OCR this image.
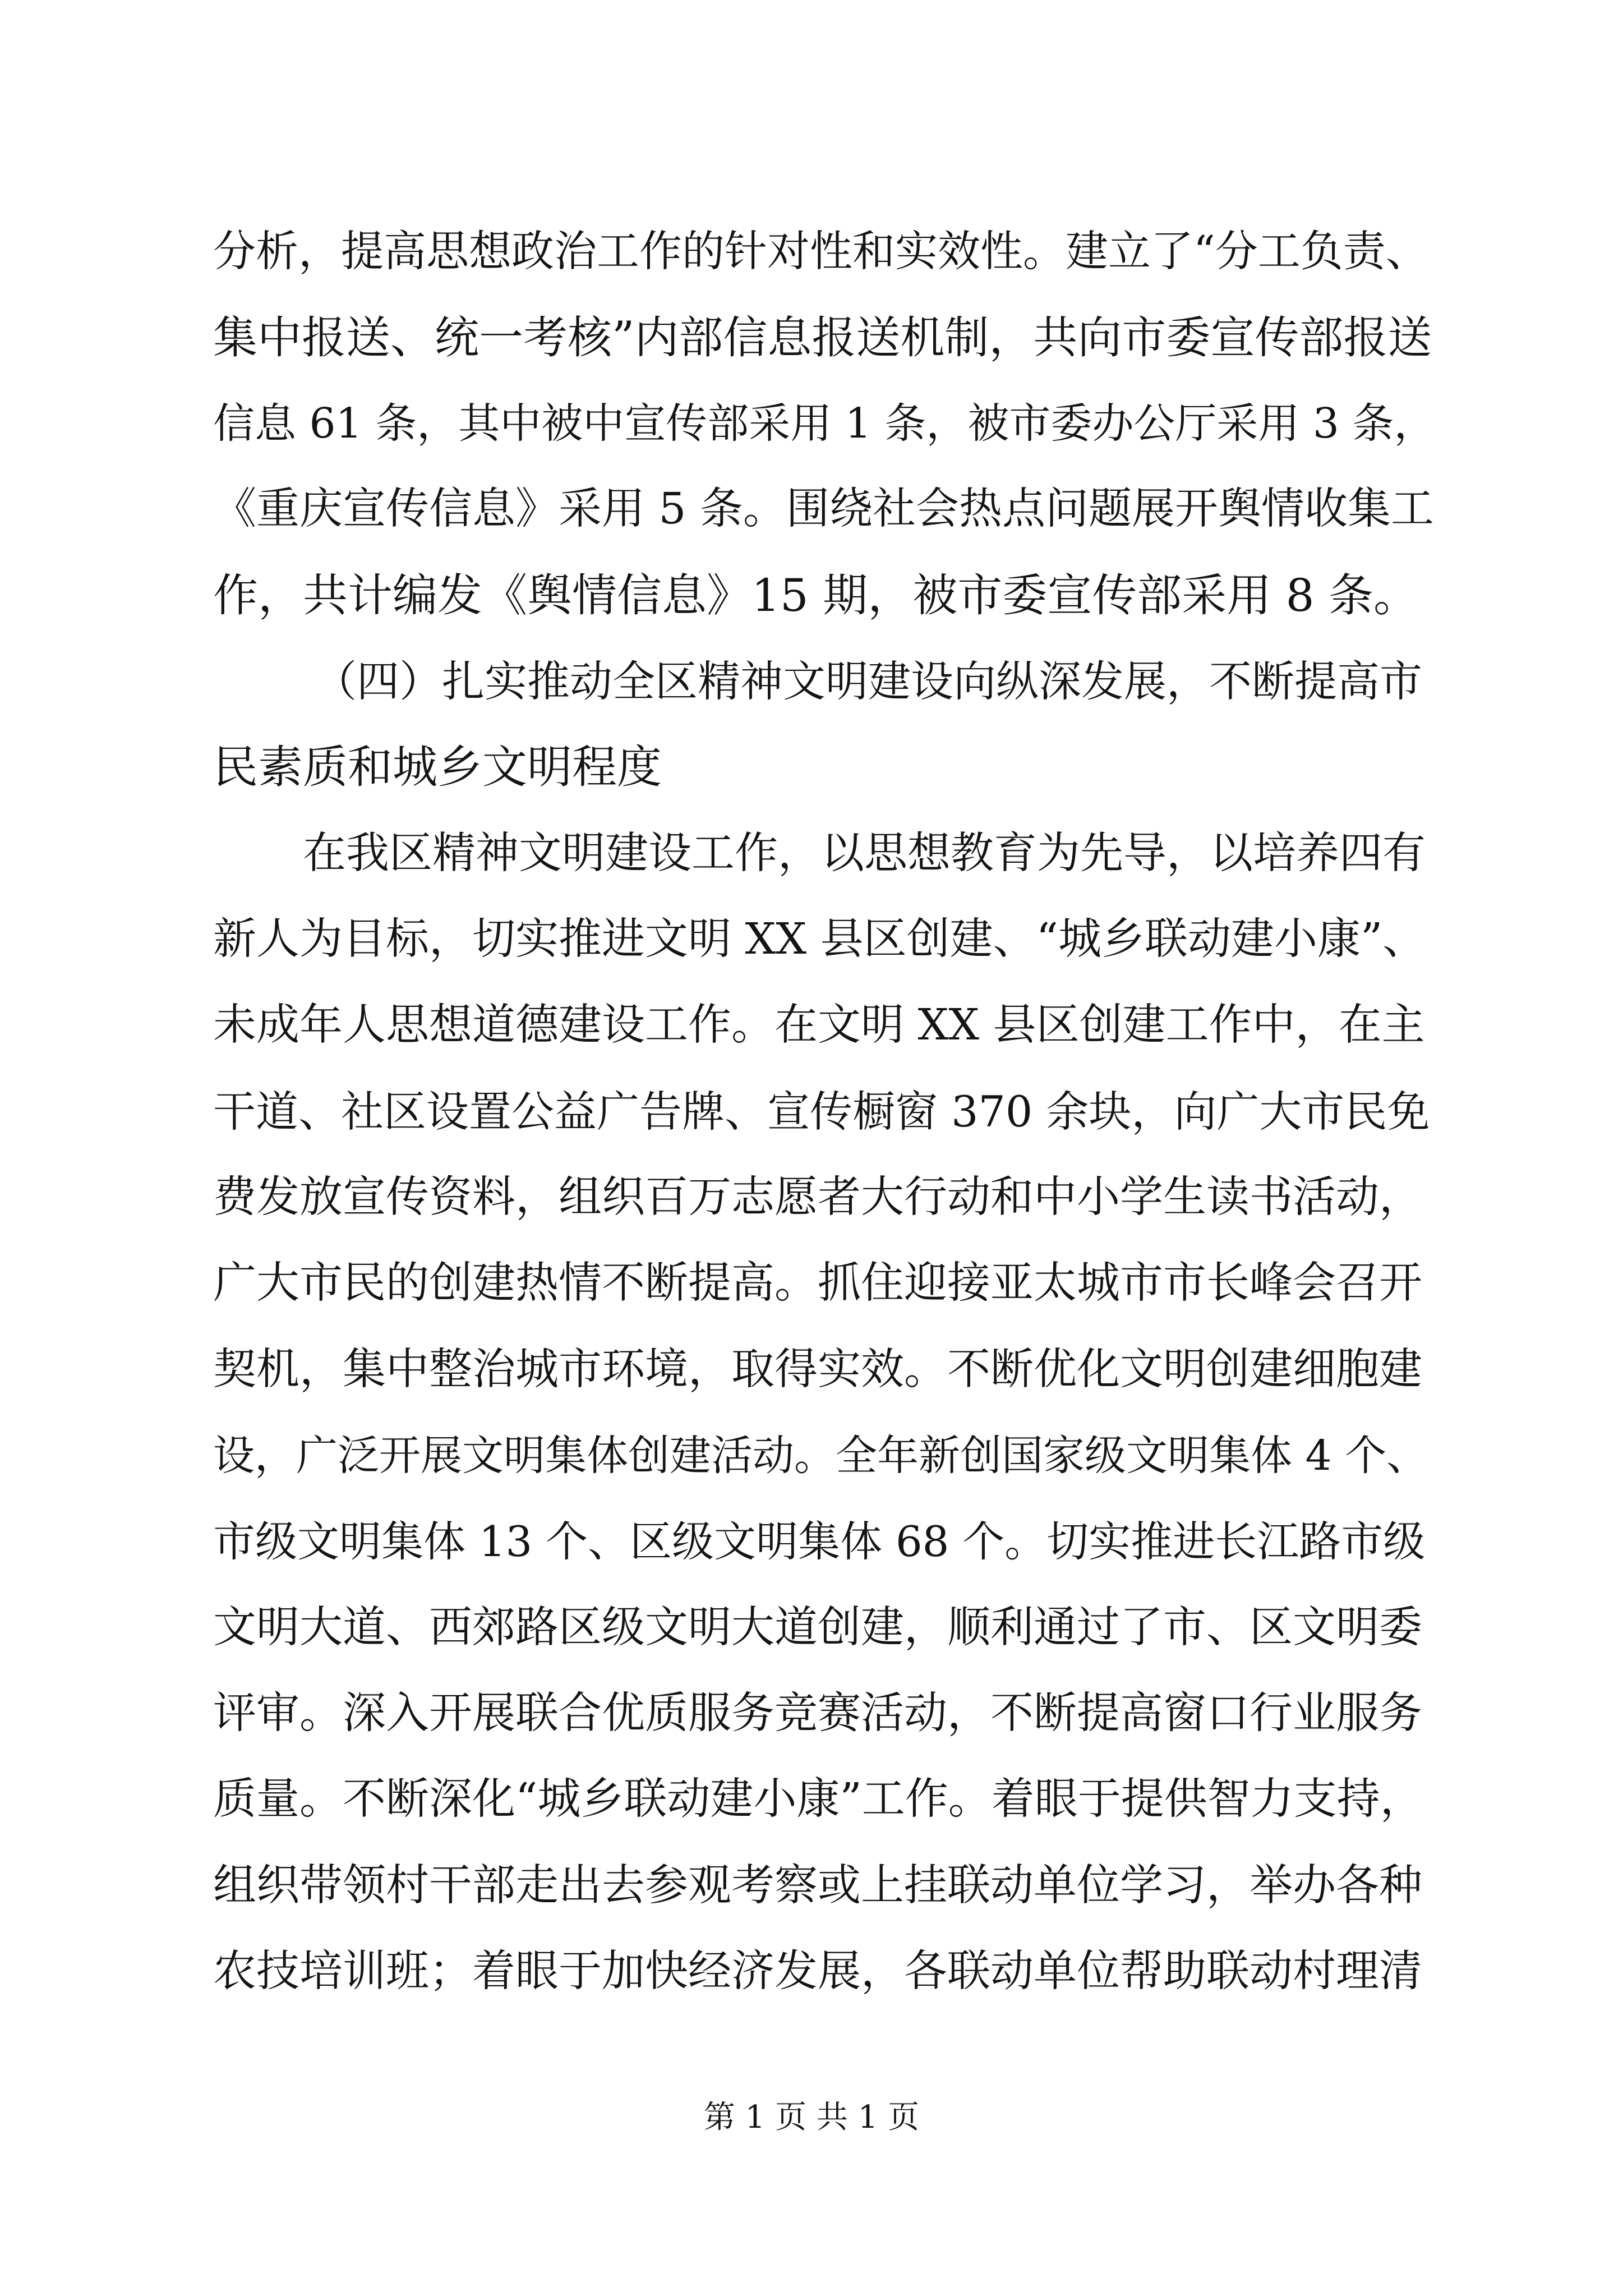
分析，提高思想政治工作的针对性和实效性。建立了“分工负责、
集中报送、统一考核”内部信息报送机制，共向市委宣传部报送
信息 61 条，其中被中宣传部采用 1 条，被市委办公厅采用 3 条，
《重庆宣传信息》采用 5 条。围绕社会热点问题展开舆情收集工
作，共计编发《舆情信息》15 期，被市委宣传部采用 8 条。
（四）扎实推动全区精神文明建设向纵深发展，不断提高市
民素质和城乡文明程度
在我区精神文明建设工作，以思想教育为先导，以培养四有
新人为目标，切实推进文明 XX 县区创建、“城乡联动建小康”、
未成年人思想道德建设工作。在文明 XX 县区创建工作中，在主
干道、社区设置公益广告牌、宣传橱窗 370 余块，向广大市民免
费发放宣传资料，组织百万志愿者大行动和中小学生读书活动，
广大市民的创建热情不断提高。抓住迎接亚太城市市长峰会召开
契机，集中整治城市环境，取得实效。不断优化文明创建细胞建
设，广泛开展文明集体创建活动。全年新创国家级文明集体 4 个、
市级文明集体 13 个、区级文明集体 68 个。切实推进长江路市级
文明大道、西郊路区级文明大道创建，顺利通过了市、区文明委
评审。深入开展联合优质服务竞赛活动，不断提高窗口行业服务
质量。不断深化“城乡联动建小康”工作。着眼于提供智力支持，
组织带领村干部走出去参观考察或上挂联动单位学习，举办各种
农技培训班；着眼于加快经济发展，各联动单位帮助联动村理清
第 1 页 共 1 页
